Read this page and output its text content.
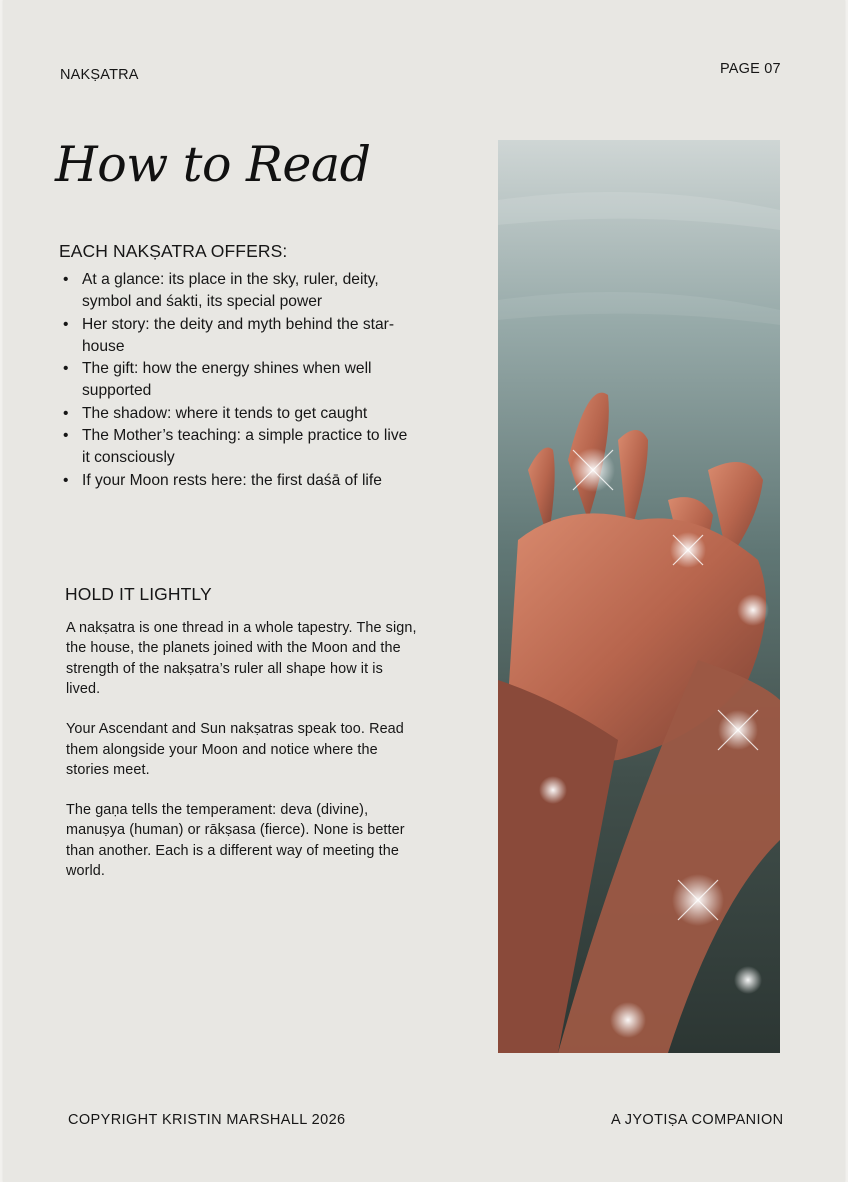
NAKṢATRA	PAGE 07
How to Read
EACH NAKṢATRA OFFERS:
• At a glance: its place in the sky, ruler, deity, symbol and śakti, its special power
• Her story: the deity and myth behind the star-house
• The gift: how the energy shines when well supported
• The shadow: where it tends to get caught
• The Mother’s teaching: a simple practice to live it consciously
• If your Moon rests here: the first daśā of life
HOLD IT LIGHTLY

A nakṣatra is one thread in a whole tapestry. The sign, the house, the planets joined with the Moon and the strength of the nakṣatra’s ruler all shape how it is lived.

Your Ascendant and Sun nakṣatras speak too. Read them alongside your Moon and notice where the stories meet.

The gaṇa tells the temperament: deva (divine), manuṣya (human) or rākṣasa (fierce). None is better than another. Each is a different way of meeting the world.

COPYRIGHT KRISTIN MARSHALL 2026	A JYOTIṢA COMPANION
